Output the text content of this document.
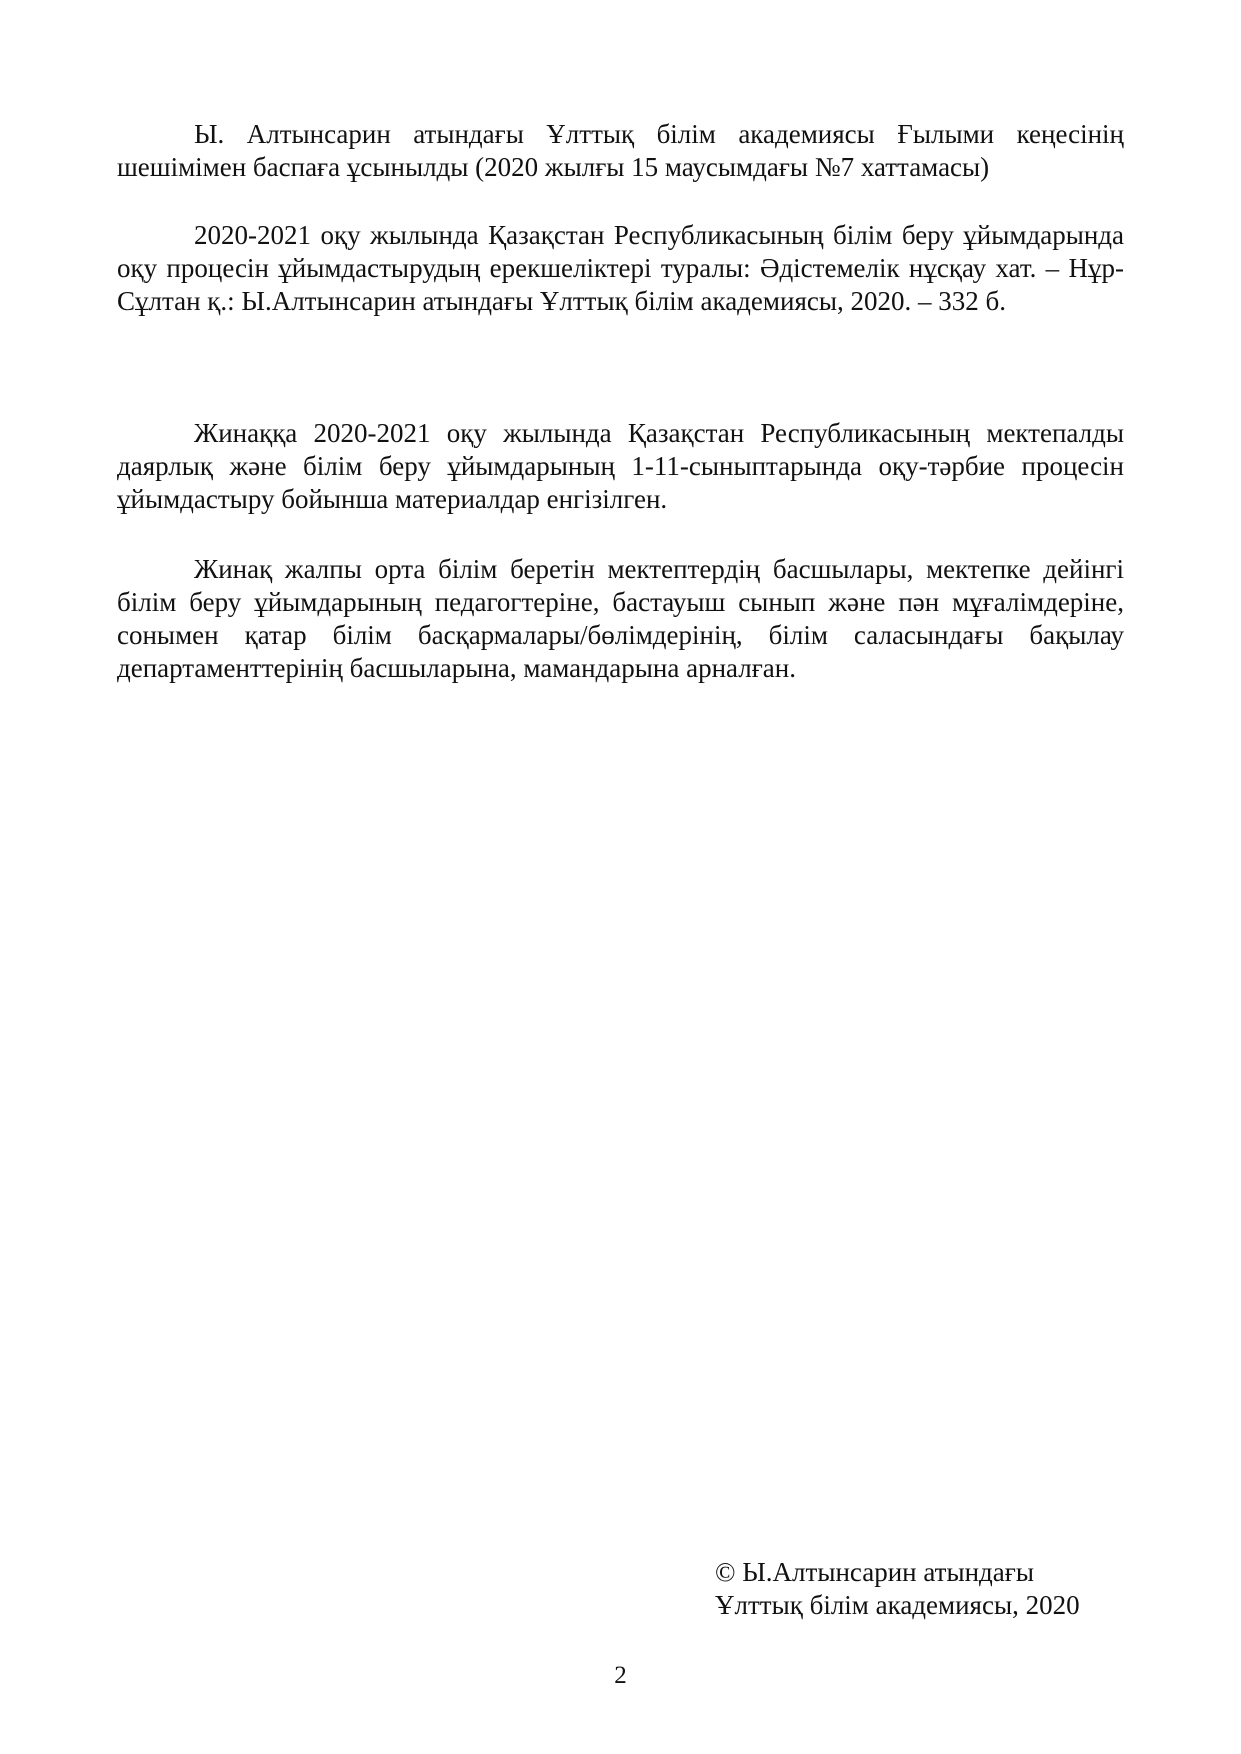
Ы. Алтынсарин атындағы Ұлттық білім академиясы Ғылыми кеңесінің шешімімен баспаға ұсынылды (2020 жылғы 15 маусымдағы №7 хаттамасы)

2020-2021 оқу жылында Қазақстан Республикасының білім беру ұйымдарында оқу процесін ұйымдастырудың ерекшеліктері туралы: Әдістемелік нұсқау хат. – Нұр-Сұлтан қ.: Ы.Алтынсарин атындағы Ұлттық білім академиясы, 2020. – 332 б.

Жинаққа 2020-2021 оқу жылында Қазақстан Республикасының мектепалды даярлық және білім беру ұйымдарының 1-11-сыныптарында оқу-тәрбие процесін ұйымдастыру бойынша материалдар енгізілген.

Жинақ жалпы орта білім беретін мектептердің басшылары, мектепке дейінгі білім беру ұйымдарының педагогтеріне, бастауыш сынып және пән мұғалімдеріне, сонымен қатар білім басқармалары/бөлімдерінің, білім саласындағы бақылау департаменттерінің басшыларына, мамандарына арналған.

© Ы.Алтынсарин атындағы
Ұлттық білім академиясы, 2020

2
